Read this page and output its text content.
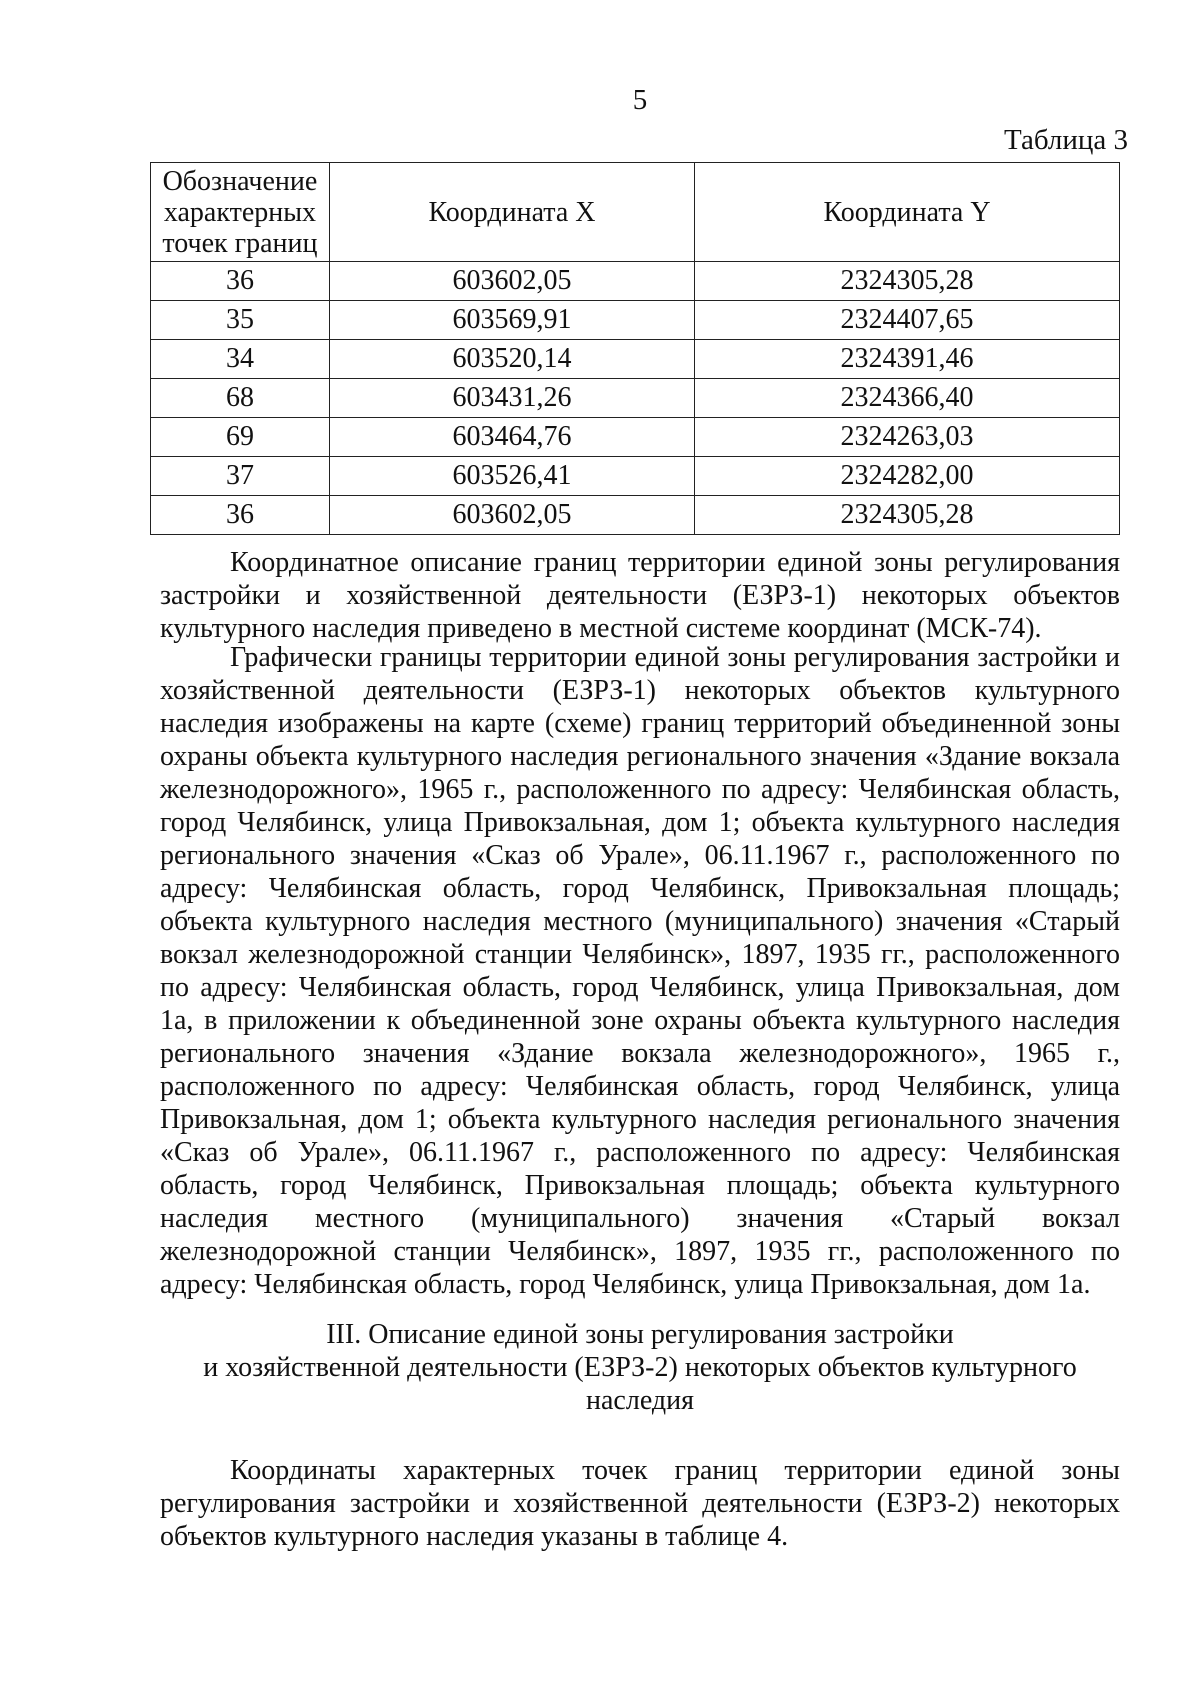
5
Таблица 3
Обозначение характерных точек границ	Координата X	Координата Y
36	603602,05	2324305,28
35	603569,91	2324407,65
34	603520,14	2324391,46
68	603431,26	2324366,40
69	603464,76	2324263,03
37	603526,41	2324282,00
36	603602,05	2324305,28

Координатное описание границ территории единой зоны регулирования застройки и хозяйственной деятельности (ЕЗРЗ-1) некоторых объектов культурного наследия приведено в местной системе координат (МСК-74).

Графически границы территории единой зоны регулирования застройки и хозяйственной деятельности (ЕЗРЗ-1) некоторых объектов культурного наследия изображены на карте (схеме) границ территорий объединенной зоны охраны объекта культурного наследия регионального значения «Здание вокзала железнодорожного», 1965 г., расположенного по адресу: Челябинская область, город Челябинск, улица Привокзальная, дом 1; объекта культурного наследия регионального значения «Сказ об Урале», 06.11.1967 г., расположенного по адресу: Челябинская область, город Челябинск, Привокзальная площадь; объекта культурного наследия местного (муниципального) значения «Старый вокзал железнодорожной станции Челябинск», 1897, 1935 гг., расположенного по адресу: Челябинская область, город Челябинск, улица Привокзальная, дом 1а, в приложении к объединенной зоне охраны объекта культурного наследия регионального значения «Здание вокзала железнодорожного», 1965 г., расположенного по адресу: Челябинская область, город Челябинск, улица Привокзальная, дом 1; объекта культурного наследия регионального значения «Сказ об Урале», 06.11.1967 г., расположенного по адресу: Челябинская область, город Челябинск, Привокзальная площадь; объекта культурного наследия местного (муниципального) значения «Старый вокзал железнодорожной станции Челябинск», 1897, 1935 гг., расположенного по адресу: Челябинская область, город Челябинск, улица Привокзальная, дом 1а.

III. Описание единой зоны регулирования застройки
и хозяйственной деятельности (ЕЗРЗ-2) некоторых объектов культурного
наследия

Координаты характерных точек границ территории единой зоны регулирования застройки и хозяйственной деятельности (ЕЗРЗ-2) некоторых объектов культурного наследия указаны в таблице 4.
